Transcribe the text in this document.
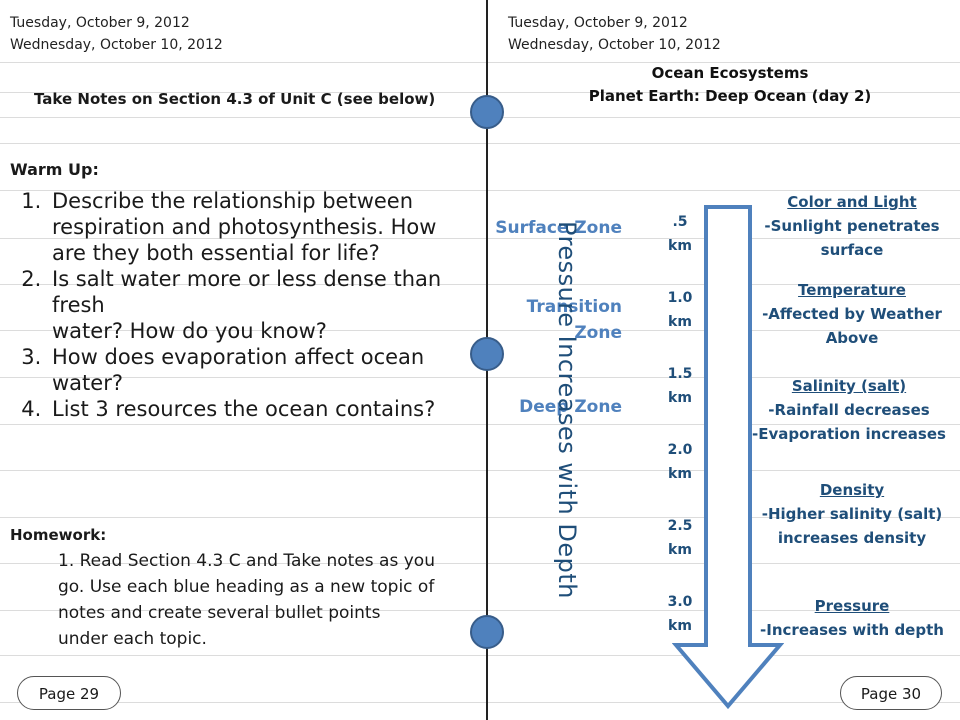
Tuesday, October 9, 2012
Wednesday, October 10, 2012
Take Notes on Section 4.3 of Unit C (see below)
Warm Up:
1. Describe the relationship between respiration and photosynthesis. How are they both essential for life?
2. Is salt water more or less dense than fresh
water? How do you know?
3. How does evaporation affect ocean water?
4. List 3 resources the ocean contains?
Homework:
1. Read Section 4.3 C and Take notes as you
go. Use each blue heading as a new topic of
notes and create several bullet points
under each topic.
Page 29
Tuesday, October 9, 2012
Wednesday, October 10, 2012
Ocean Ecosystems
Planet Earth: Deep Ocean (day 2)
Surface Zone
Transition Zone
Deep Zone
.5
km
1.0
km
1.5
km
2.0
km
2.5
km
3.0
km
Pressure Increases with Depth
Color and Light
-Sunlight penetrates
surface
Temperature
-Affected by Weather
Above
Salinity (salt)
-Rainfall decreases
-Evaporation increases
Density
-Higher salinity (salt)
increases density
Pressure
-Increases with depth
Page 30
